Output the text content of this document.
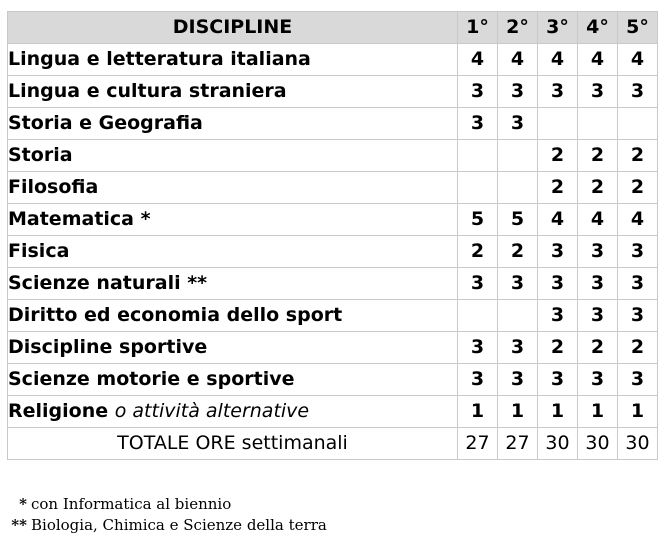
DISCIPLINE	1°	2°	3°	4°	5°
Lingua e letteratura italiana	4	4	4	4	4
Lingua e cultura straniera	3	3	3	3	3
Storia e Geografia	3	3			
Storia			2	2	2
Filosofia			2	2	2
Matematica *	5	5	4	4	4
Fisica	2	2	3	3	3
Scienze naturali **	3	3	3	3	3
Diritto ed economia dello sport			3	3	3
Discipline sportive	3	3	2	2	2
Scienze motorie e sportive	3	3	3	3	3
Religione o attività alternative	1	1	1	1	1
TOTALE ORE settimanali	27	27	30	30	30
* con Informatica al biennio
** Biologia, Chimica e Scienze della terra
